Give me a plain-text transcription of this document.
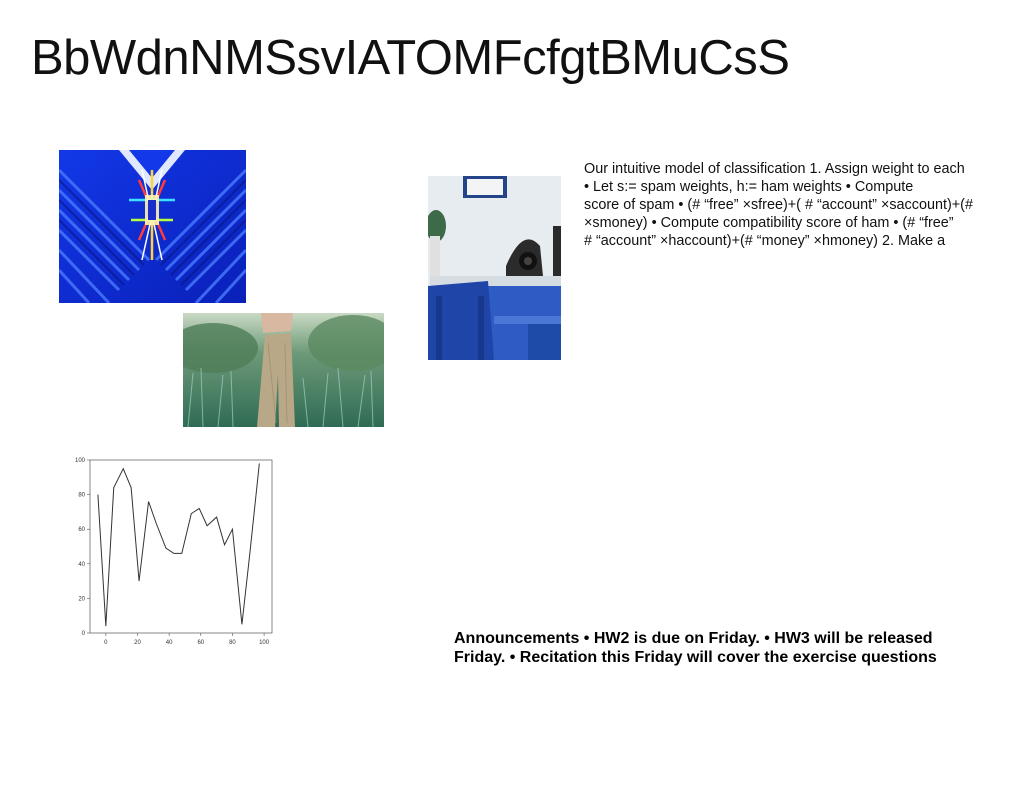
BbWdnNMSsvIATOMFcfgtBMuCsS
Our intuitive model of classification 1. Assign weight to each
• Let s:= spam weights, h:= ham weights • Compute
score of spam • (# “free” ×sfree)+( # “account” ×saccount)+(#
×smoney) • Compute compatibility score of ham • (# “free”
# “account” ×haccount)+(# “money” ×hmoney) 2. Make a
0
20
40
60
80
100
0	20	40	60	80	100	Announcements • HW2 is due on Friday. • HW3 will be released
Friday. • Recitation this Friday will cover the exercise questions
